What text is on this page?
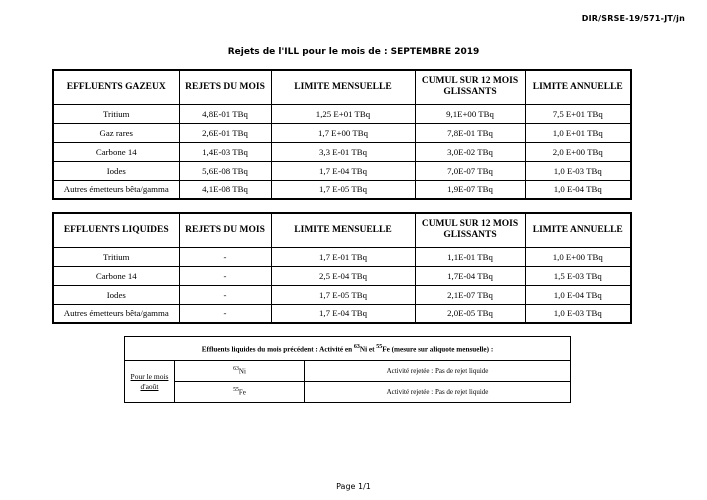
DIR/SRSE-19/571-JT/jn
Rejets de l'ILL pour le mois de : SEPTEMBRE 2019
EFFLUENTS GAZEUX	REJETS DU MOIS	LIMITE MENSUELLE	CUMUL SUR 12 MOIS GLISSANTS	LIMITE ANNUELLE
Tritium	4,8E-01 TBq	1,25 E+01 TBq	9,1E+00 TBq	7,5 E+01 TBq
Gaz rares	2,6E-01 TBq	1,7 E+00 TBq	7,8E-01 TBq	1,0 E+01 TBq
Carbone 14	1,4E-03 TBq	3,3 E-01 TBq	3,0E-02 TBq	2,0 E+00 TBq
Iodes	5,6E-08 TBq	1,7 E-04 TBq	7,0E-07 TBq	1,0 E-03 TBq
Autres émetteurs bêta/gamma	4,1E-08 TBq	1,7 E-05 TBq	1,9E-07 TBq	1,0 E-04 TBq
EFFLUENTS LIQUIDES	REJETS DU MOIS	LIMITE MENSUELLE	CUMUL SUR 12 MOIS GLISSANTS	LIMITE ANNUELLE
Tritium	-	1,7 E-01 TBq	1,1E-01 TBq	1,0 E+00 TBq
Carbone 14	-	2,5 E-04 TBq	1,7E-04 TBq	1,5 E-03 TBq
Iodes	-	1,7 E-05 TBq	2,1E-07 TBq	1,0 E-04 TBq
Autres émetteurs bêta/gamma	-	1,7 E-04 TBq	2,0E-05 TBq	1,0 E-03 TBq
Effluents liquides du mois précédent : Activité en $^{63}$Ni et $^{55}$Fe (mesure sur aliquote mensuelle) :		
Pour le mois d'août	$^{63}$Ni	Activité rejetée : Pas de rejet liquide
	$^{55}$Fe	Activité rejetée : Pas de rejet liquide
Page 1/1
